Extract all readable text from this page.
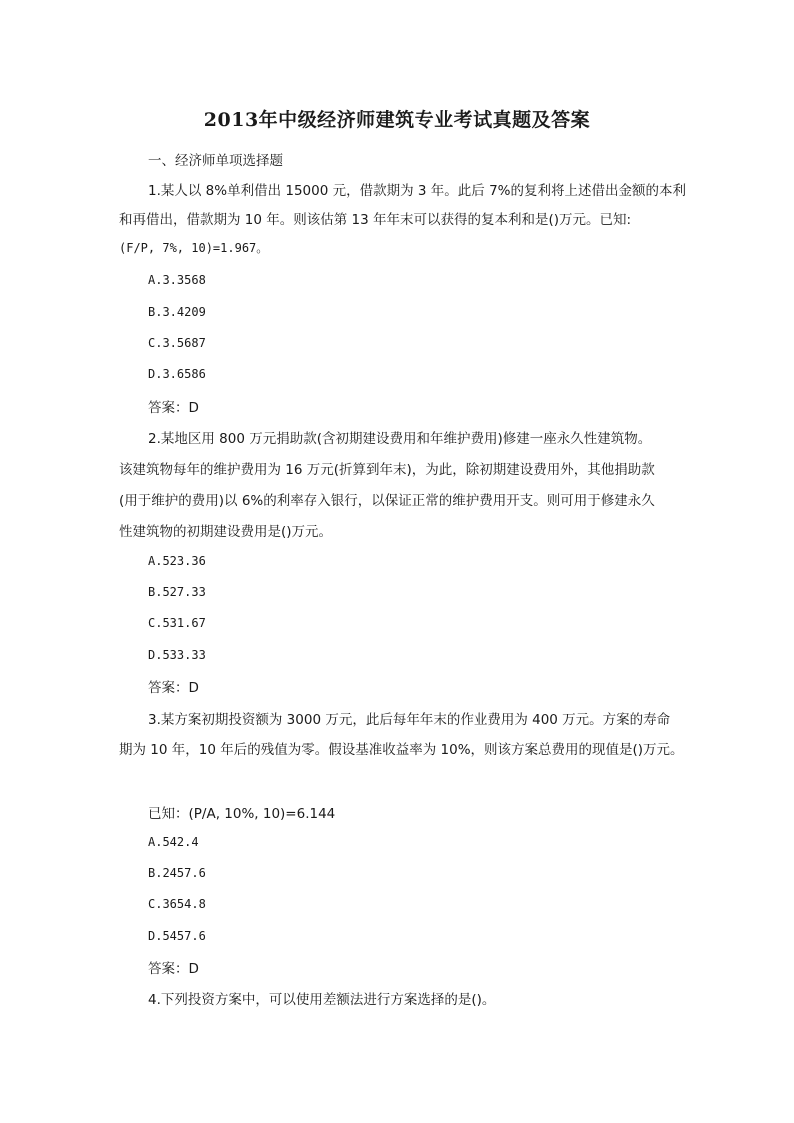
2013年中级经济师建筑专业考试真题及答案
一、经济师单项选择题
1.某人以 8%单利借出 15000 元，借款期为 3 年。此后 7%的复利将上述借出金额的本利
和再借出，借款期为 10 年。则该估第 13 年年末可以获得的复本利和是()万元。已知:
(F/P, 7%, 10)=1.967。
A.3.3568
B.3.4209
C.3.5687
D.3.6586
答案：D
2.某地区用 800 万元捐助款(含初期建设费用和年维护费用)修建一座永久性建筑物。
该建筑物每年的维护费用为 16 万元(折算到年末)，为此，除初期建设费用外，其他捐助款
(用于维护的费用)以 6%的利率存入银行，以保证正常的维护费用开支。则可用于修建永久
性建筑物的初期建设费用是()万元。
A.523.36
B.527.33
C.531.67
D.533.33
答案：D
3.某方案初期投资额为 3000 万元，此后每年年末的作业费用为 400 万元。方案的寿命
期为 10 年，10 年后的残值为零。假设基准收益率为 10%，则该方案总费用的现值是()万元。
已知：(P/A, 10%, 10)=6.144
A.542.4
B.2457.6
C.3654.8
D.5457.6
答案：D
4.下列投资方案中，可以使用差额法进行方案选择的是()。
